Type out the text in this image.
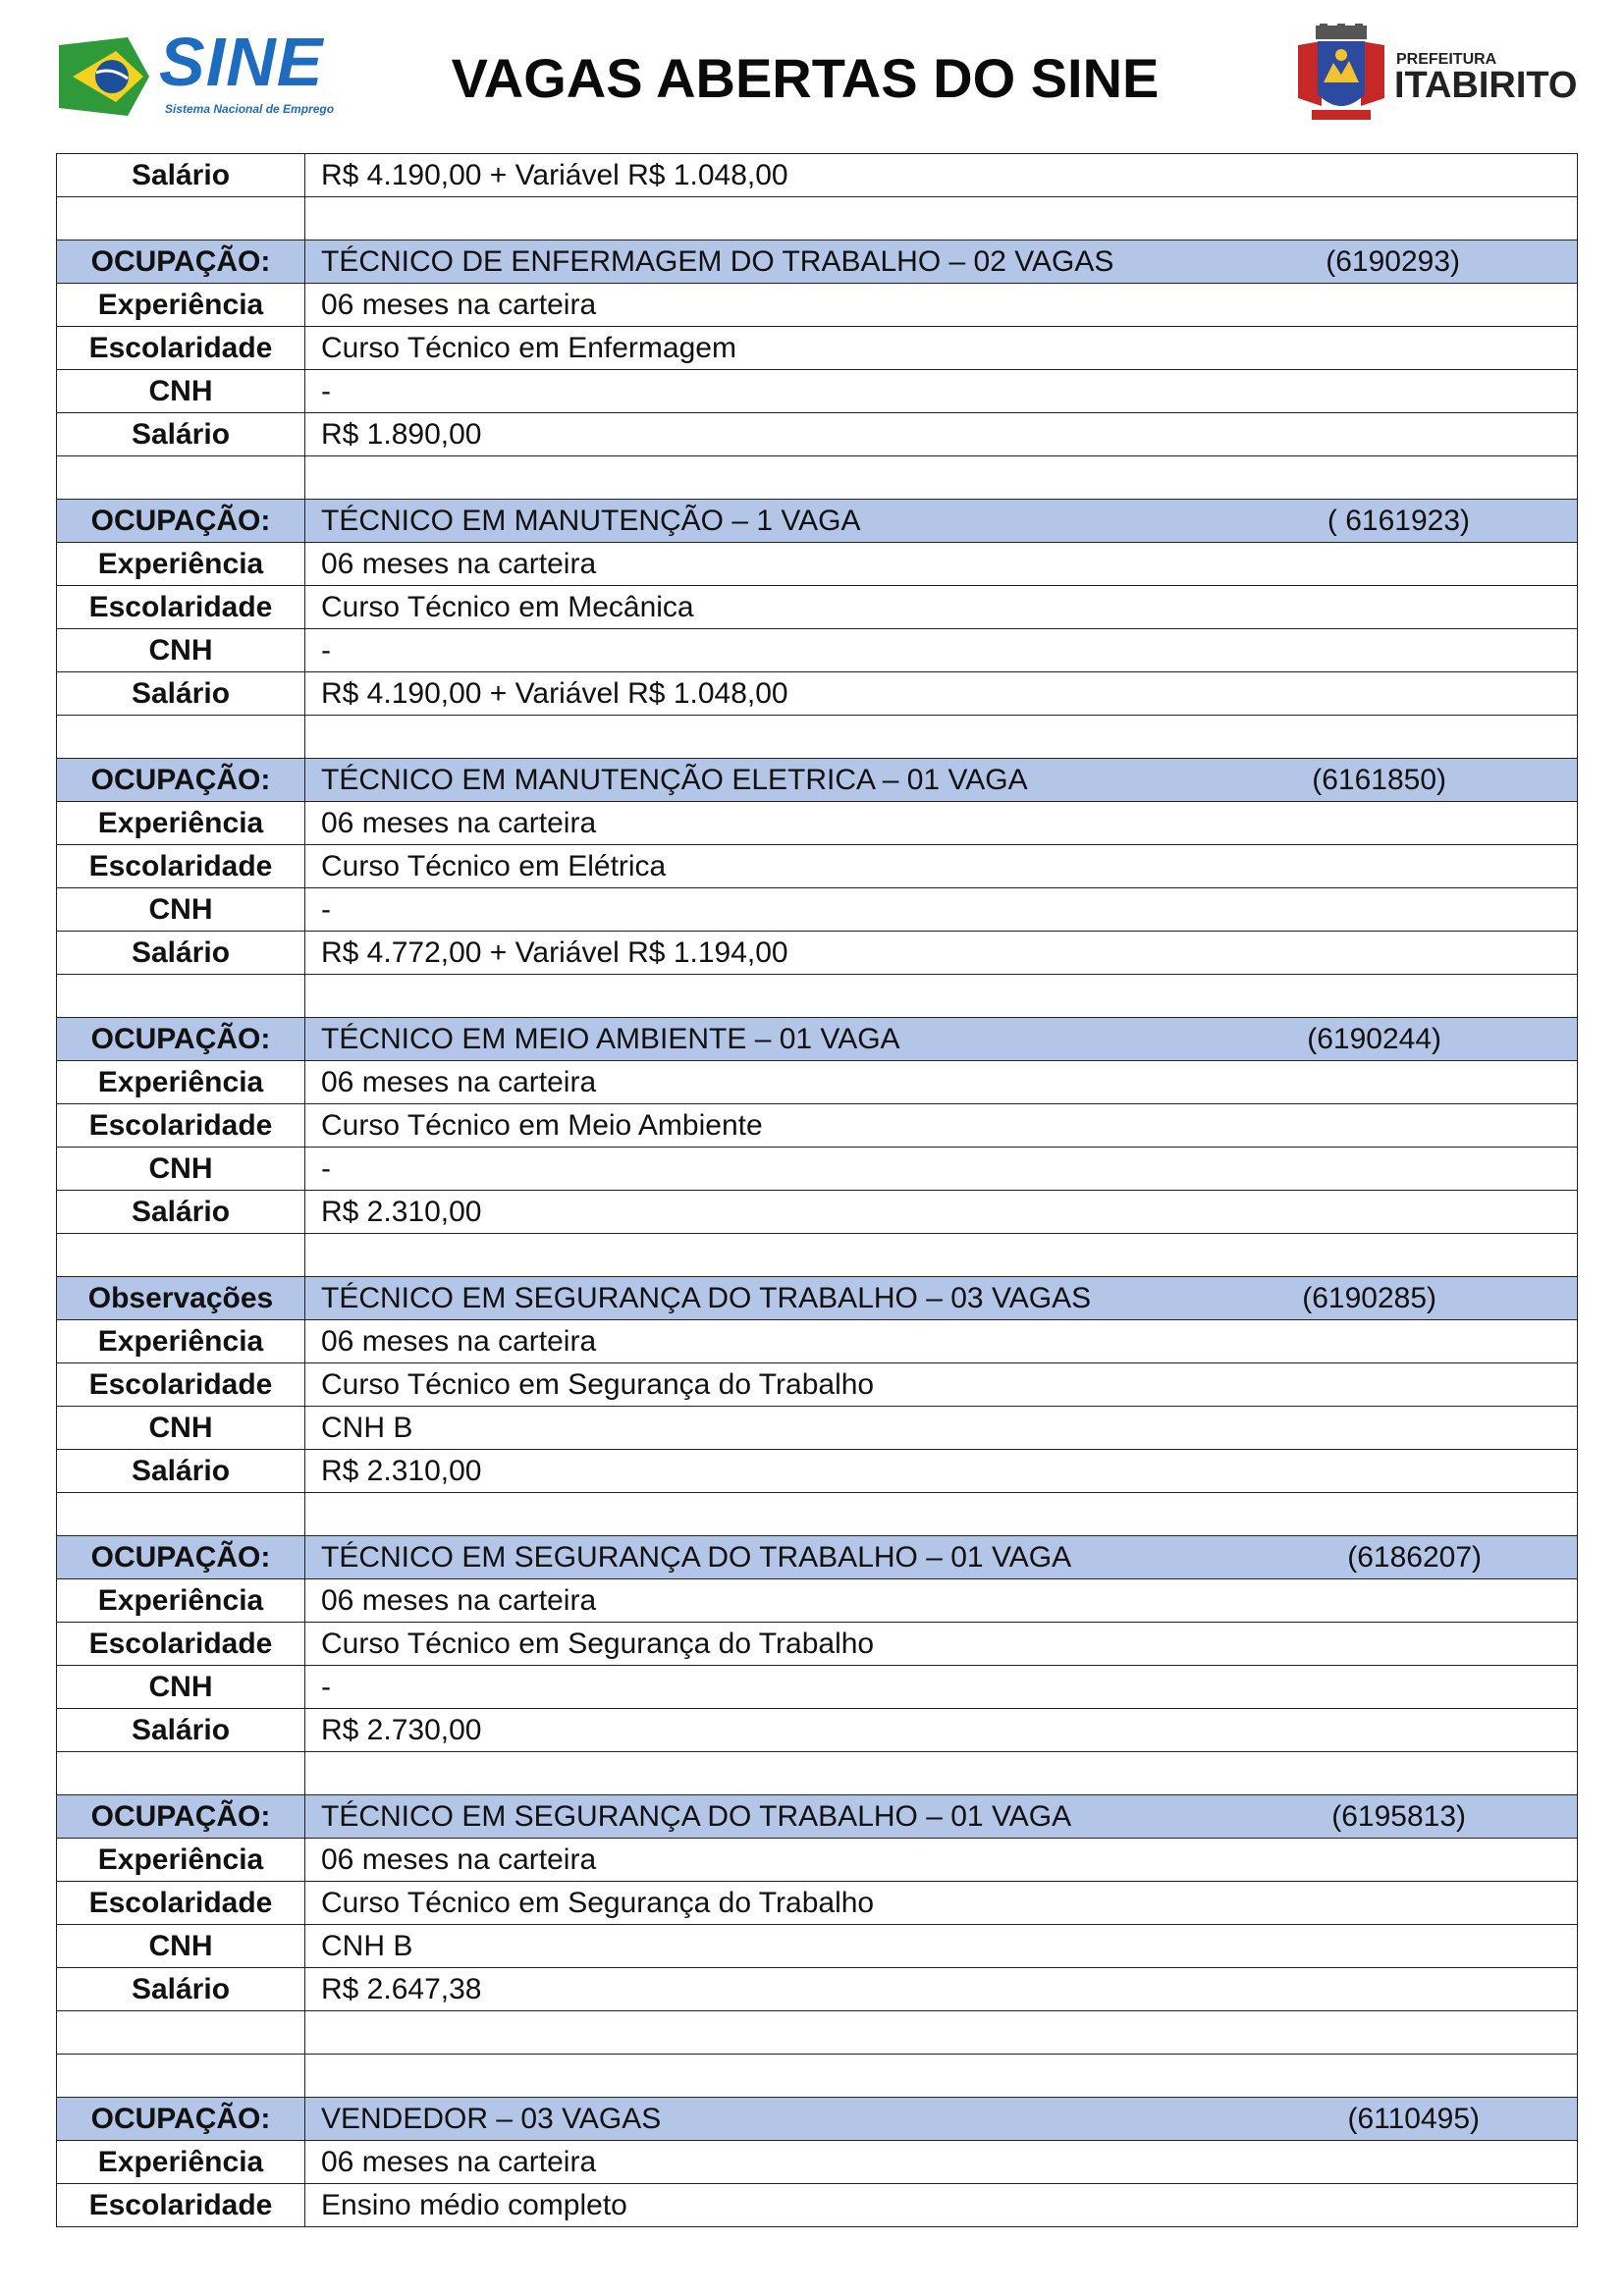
SINE
Sistema Nacional de Emprego	VAGAS ABERTAS DO SINE	PREFEITURA
ITABIRITO
Salário	R$ 4.190,00 + Variável R$ 1.048,00

OCUPAÇÃO:	TÉCNICO DE ENFERMAGEM DO TRABALHO – 02 VAGAS (6190293)

Experiência	06 meses na carteira
Escolaridade	Curso Técnico em Enfermagem
CNH	-
Salário	R$ 1.890,00

OCUPAÇÃO:	TÉCNICO EM MANUTENÇÃO – 1 VAGA ( 6161923)

Experiência	06 meses na carteira
Escolaridade	Curso Técnico em Mecânica
CNH	-
Salário	R$ 4.190,00 + Variável R$ 1.048,00

OCUPAÇÃO:	TÉCNICO EM MANUTENÇÃO ELETRICA – 01 VAGA (6161850)

Experiência	06 meses na carteira
Escolaridade	Curso Técnico em Elétrica
CNH	-
Salário	R$ 4.772,00 + Variável R$ 1.194,00

OCUPAÇÃO:	TÉCNICO EM MEIO AMBIENTE – 01 VAGA (6190244)

Experiência	06 meses na carteira
Escolaridade	Curso Técnico em Meio Ambiente
CNH	-
Salário	R$ 2.310,00

Observações	TÉCNICO EM SEGURANÇA DO TRABALHO – 03 VAGAS (6190285)

Experiência	06 meses na carteira
Escolaridade	Curso Técnico em Segurança do Trabalho
CNH	CNH B
Salário	R$ 2.310,00

OCUPAÇÃO:	TÉCNICO EM SEGURANÇA DO TRABALHO – 01 VAGA (6186207)

Experiência	06 meses na carteira
Escolaridade	Curso Técnico em Segurança do Trabalho
CNH	-
Salário	R$ 2.730,00

OCUPAÇÃO:	TÉCNICO EM SEGURANÇA DO TRABALHO – 01 VAGA (6195813)

Experiência	06 meses na carteira
Escolaridade	Curso Técnico em Segurança do Trabalho
CNH	CNH B
Salário	R$ 2.647,38

OCUPAÇÃO:	VENDEDOR – 03 VAGAS (6110495)

Experiência	06 meses na carteira
Escolaridade	Ensino médio completo
